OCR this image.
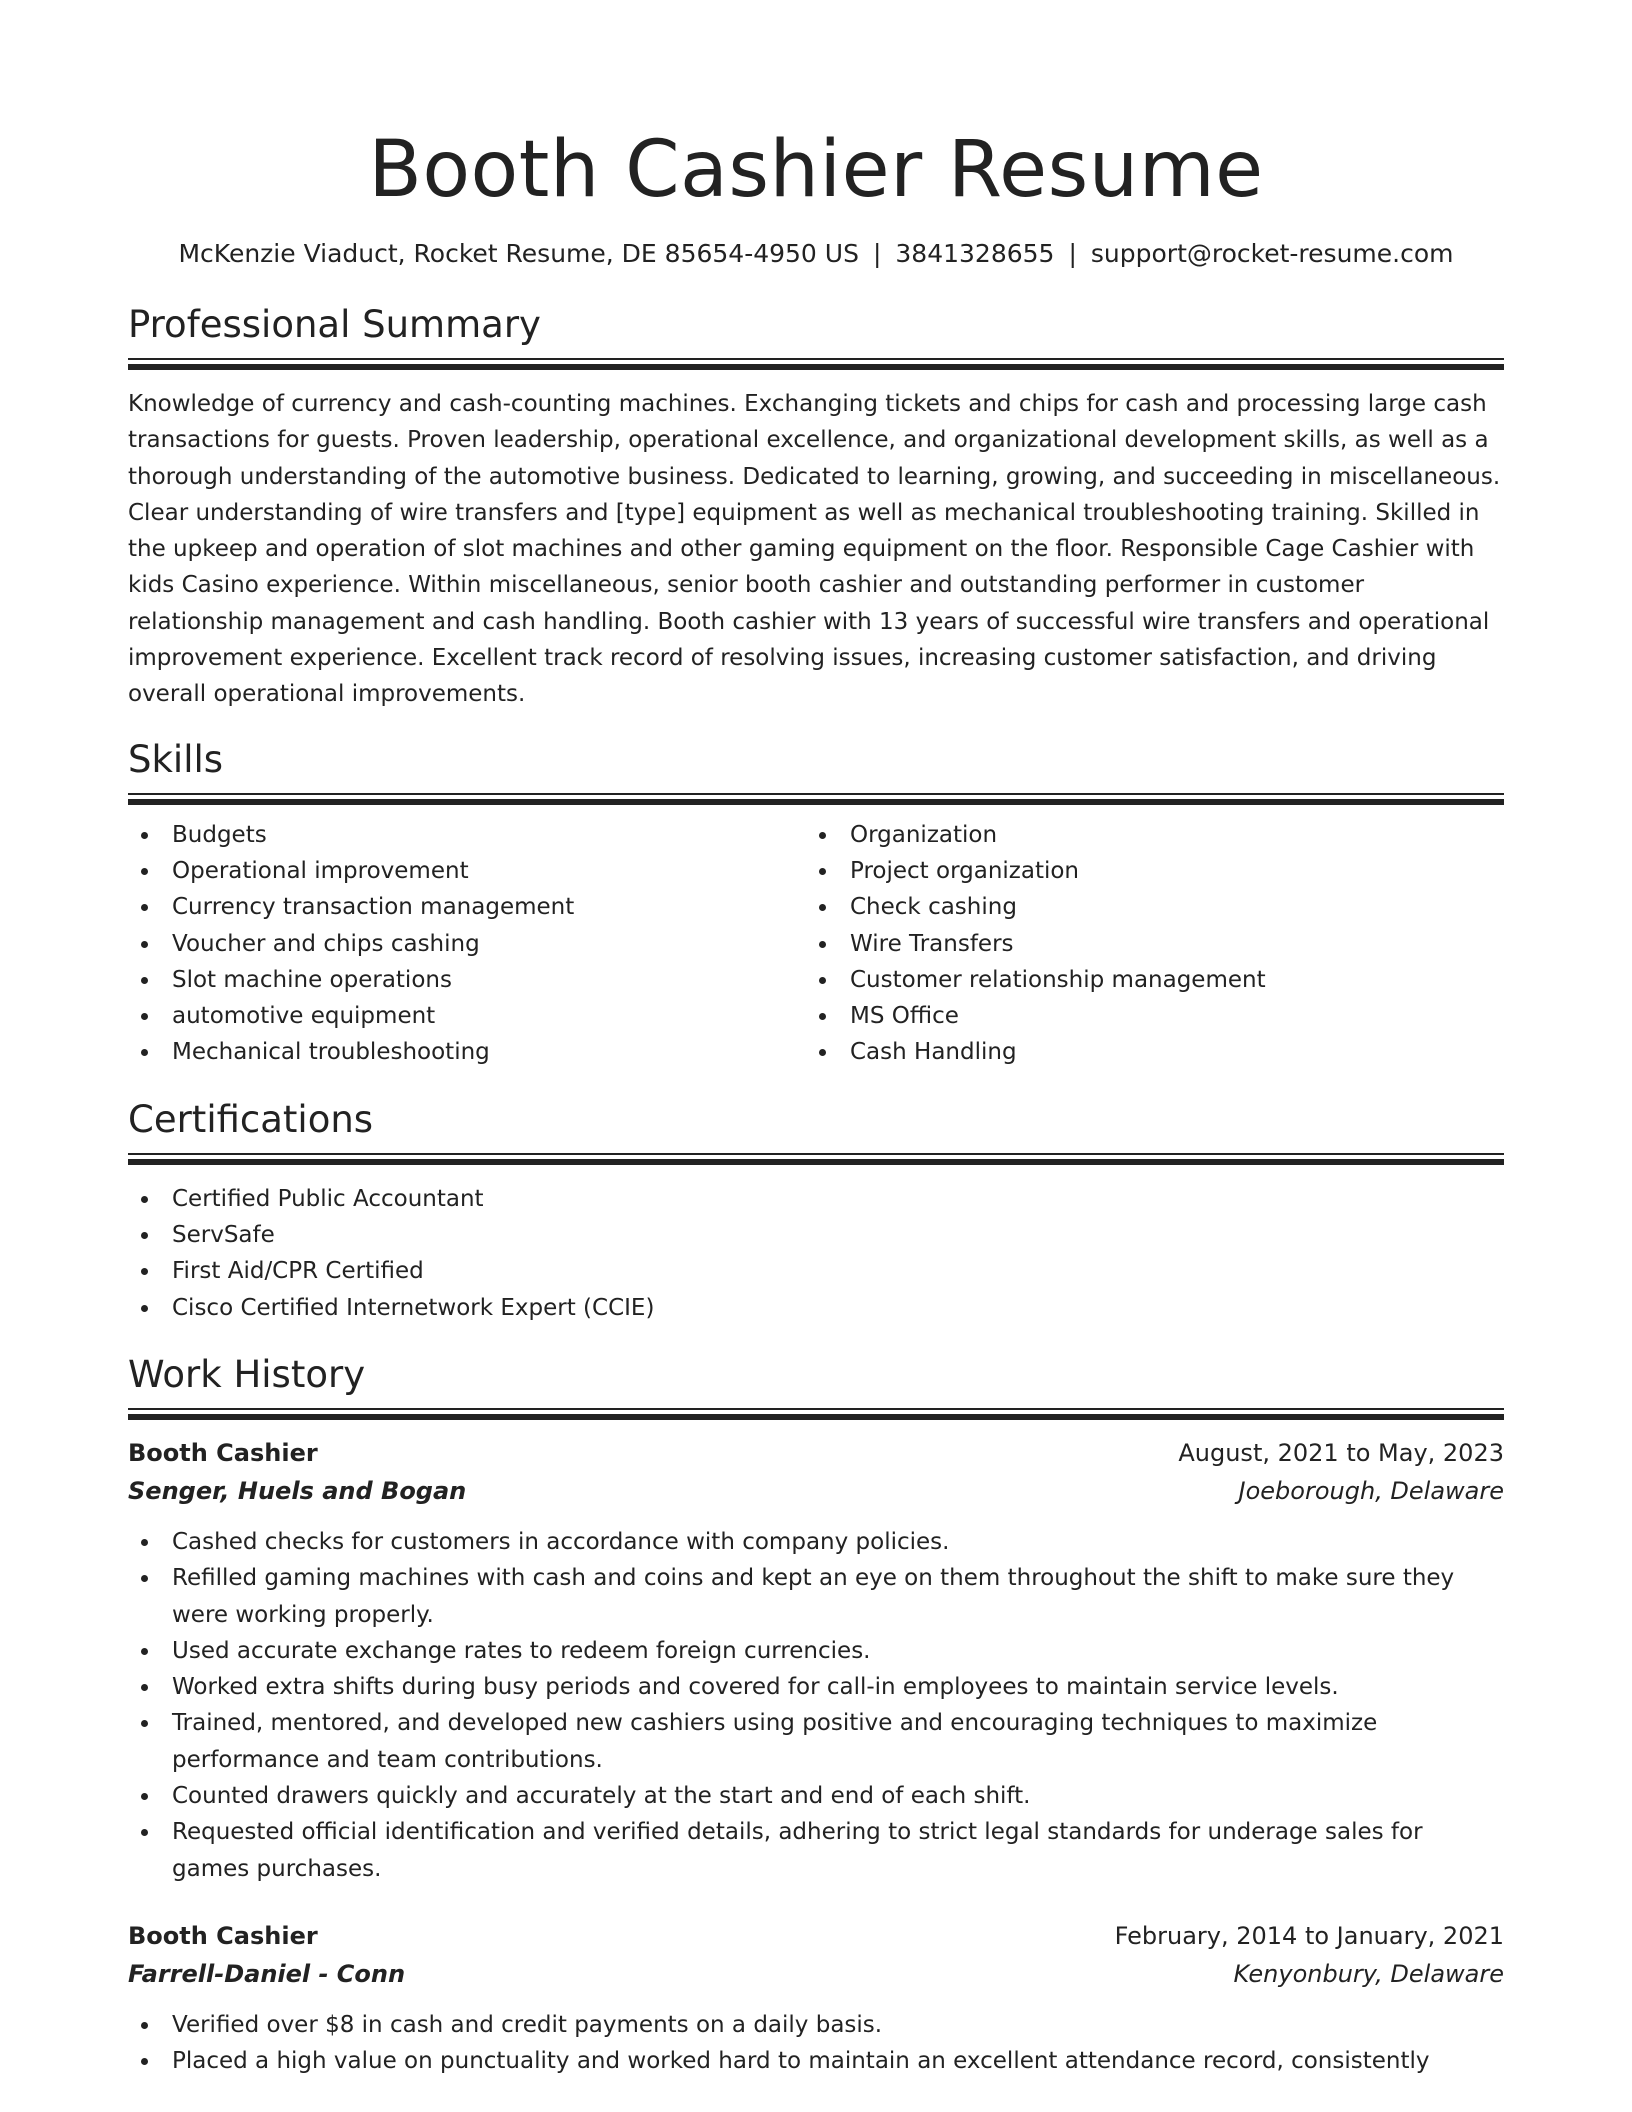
Booth Cashier Resume
McKenzie Viaduct, Rocket Resume, DE 85654-4950 US | 3841328655 | support@rocket-resume.com
Professional Summary

Knowledge of currency and cash-counting machines. Exchanging tickets and chips for cash and processing large cash transactions for guests. Proven leadership, operational excellence, and organizational development skills, as well as a thorough understanding of the automotive business. Dedicated to learning, growing, and succeeding in miscellaneous. Clear understanding of wire transfers and [type] equipment as well as mechanical troubleshooting training. Skilled in the upkeep and operation of slot machines and other gaming equipment on the floor. Responsible Cage Cashier with kids Casino experience. Within miscellaneous, senior booth cashier and outstanding performer in customer relationship management and cash handling. Booth cashier with 13 years of successful wire transfers and operational improvement experience. Excellent track record of resolving issues, increasing customer satisfaction, and driving overall operational improvements.

Skills
Budgets
Operational improvement
Currency transaction management
Voucher and chips cashing
Slot machine operations
automotive equipment
Mechanical troubleshooting
Organization
Project organization
Check cashing
Wire Transfers
Customer relationship management
MS Office
Cash Handling
Certifications
Certified Public Accountant
ServSafe
First Aid/CPR Certified
Cisco Certified Internetwork Expert (CCIE)
Work History
Booth Cashier	August, 2021 to May, 2023
Senger, Huels and Bogan	Joeborough, Delaware
Cashed checks for customers in accordance with company policies.
Refilled gaming machines with cash and coins and kept an eye on them throughout the shift to make sure they were working properly.
Used accurate exchange rates to redeem foreign currencies.
Worked extra shifts during busy periods and covered for call-in employees to maintain service levels.
Trained, mentored, and developed new cashiers using positive and encouraging techniques to maximize performance and team contributions.
Counted drawers quickly and accurately at the start and end of each shift.
Requested official identification and verified details, adhering to strict legal standards for underage sales for games purchases.
Booth Cashier	February, 2014 to January, 2021
Farrell-Daniel - Conn	Kenyonbury, Delaware
Verified over $8 in cash and credit payments on a daily basis.
Placed a high value on punctuality and worked hard to maintain an excellent attendance record, consistently
